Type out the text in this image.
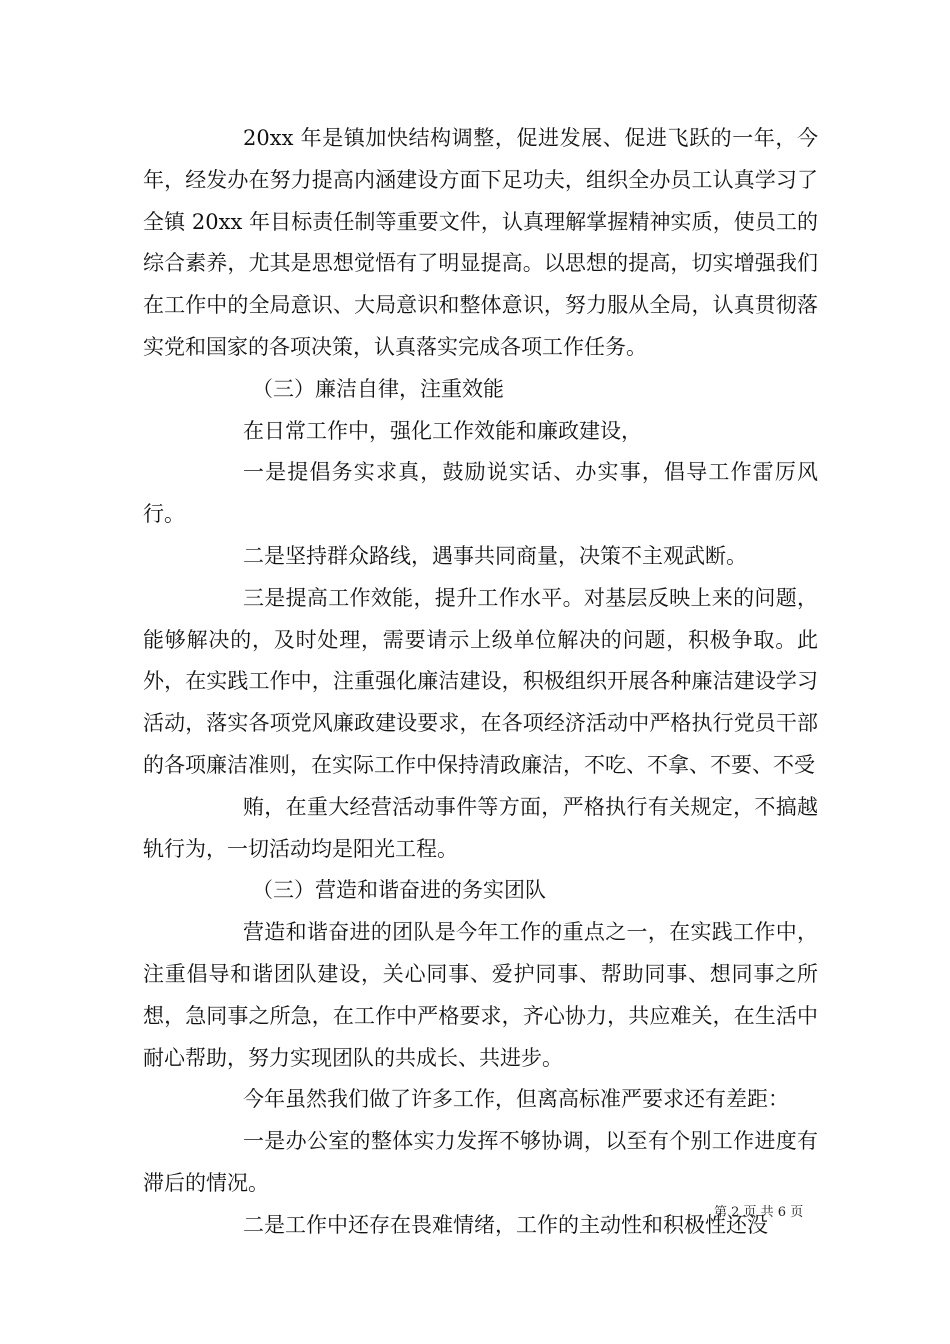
20xx 年是镇加快结构调整，促进发展、促进飞跃的一年，今年，经发办在努力提高内涵建设方面下足功夫，组织全办员工认真学习了全镇 20xx 年目标责任制等重要文件，认真理解掌握精神实质，使员工的综合素养，尤其是思想觉悟有了明显提高。以思想的提高，切实增强我们在工作中的全局意识、大局意识和整体意识，努力服从全局，认真贯彻落实党和国家的各项决策，认真落实完成各项工作任务。

（三）廉洁自律，注重效能

在日常工作中，强化工作效能和廉政建设，

一是提倡务实求真，鼓励说实话、办实事，倡导工作雷厉风行。

二是坚持群众路线，遇事共同商量，决策不主观武断。

三是提高工作效能，提升工作水平。对基层反映上来的问题，能够解决的，及时处理，需要请示上级单位解决的问题，积极争取。此外，在实践工作中，注重强化廉洁建设，积极组织开展各种廉洁建设学习活动，落实各项党风廉政建设要求，在各项经济活动中严格执行党员干部的各项廉洁准则，在实际工作中保持清政廉洁，不吃、不拿、不要、不受

贿，在重大经营活动事件等方面，严格执行有关规定，不搞越轨行为，一切活动均是阳光工程。

（三）营造和谐奋进的务实团队

营造和谐奋进的团队是今年工作的重点之一，在实践工作中，注重倡导和谐团队建设，关心同事、爱护同事、帮助同事、想同事之所想，急同事之所急，在工作中严格要求，齐心协力，共应难关，在生活中耐心帮助，努力实现团队的共成长、共进步。

今年虽然我们做了许多工作，但离高标准严要求还有差距：

一是办公室的整体实力发挥不够协调，以至有个别工作进度有滞后的情况。

二是工作中还存在畏难情绪，工作的主动性和积极性还没

第 2 页 共 6 页
